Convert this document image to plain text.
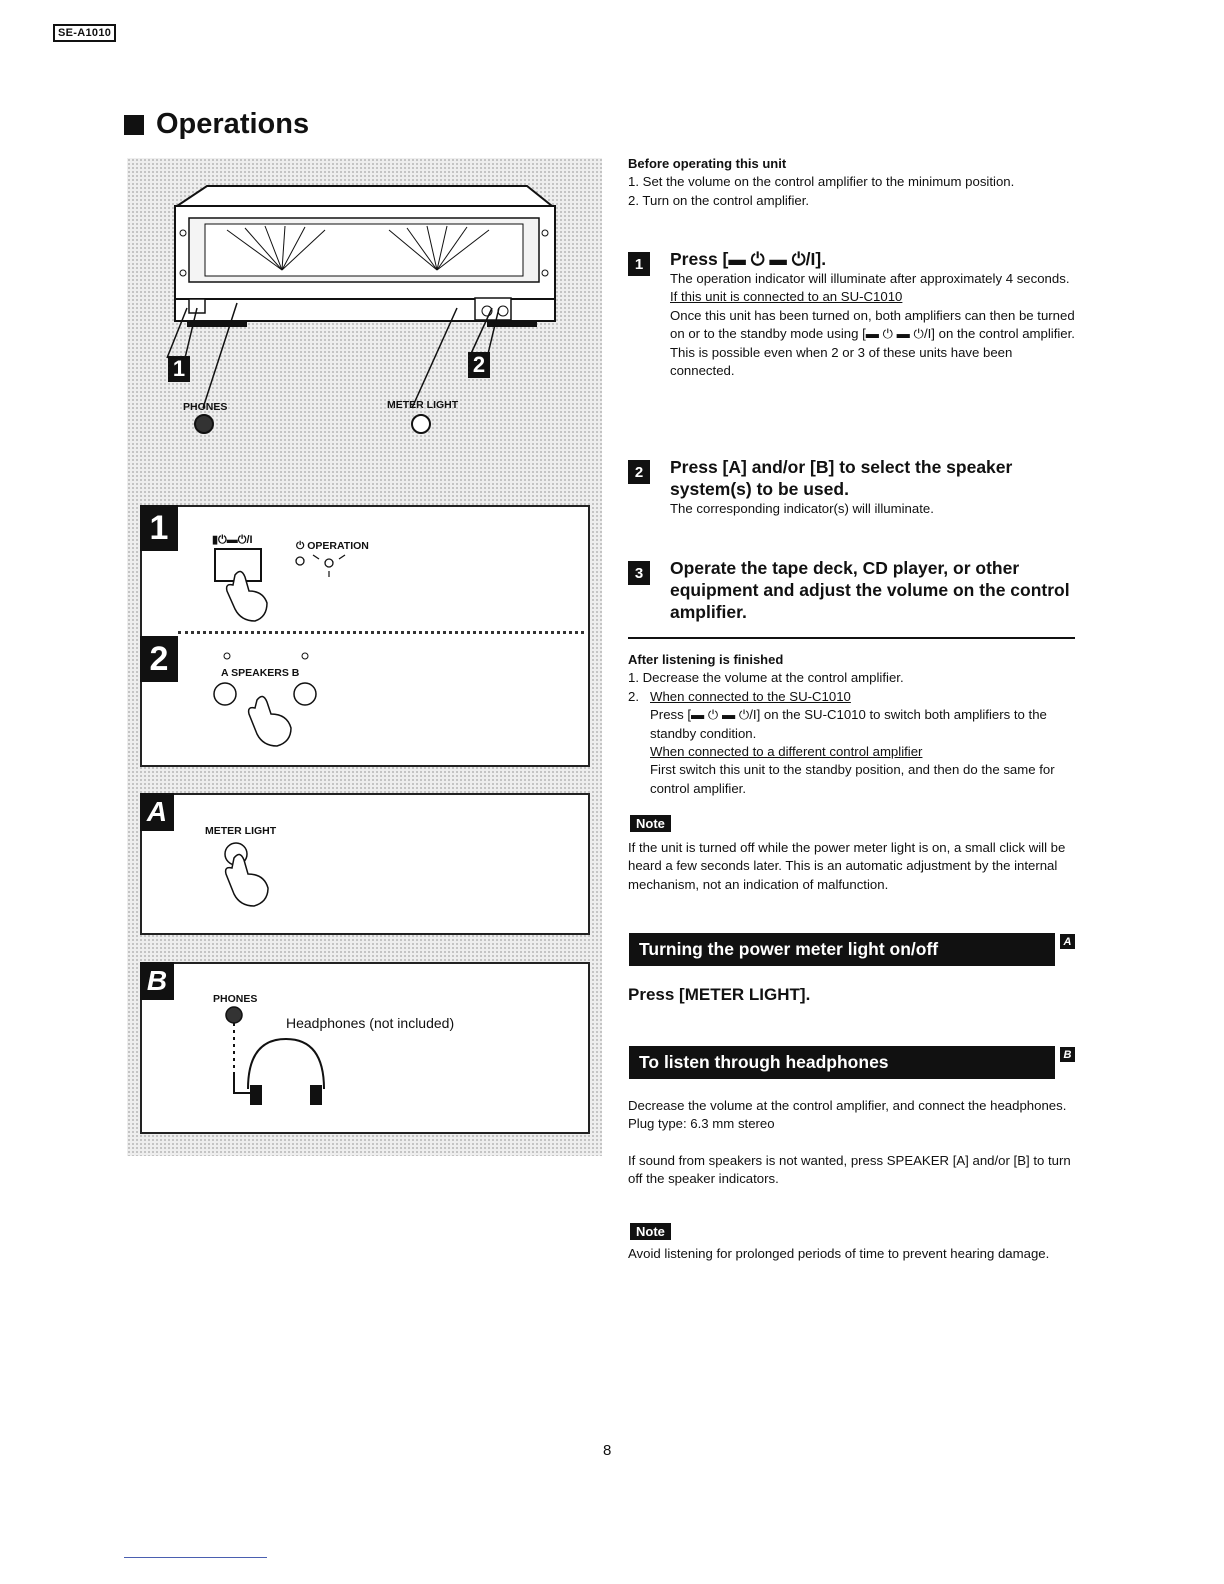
SE-A1010
Operations
1	2
PHONES	METER LIGHT
1	▮⏻▬⏻/I	⏻ OPERATION
2	A SPEAKERS B
A
METER LIGHT
B
PHONES
Headphones (not included)

Before operating this unit

1. Set the volume on the control amplifier to the minimum position.

2. Turn on the control amplifier.

1	Press [▬ ⏻ ▬ ⏻/I].

The operation indicator will illuminate after approximately 4 seconds.

If this unit is connected to an SU-C1010

Once this unit has been turned on, both amplifiers can then be turned on or to the standby mode using [▬ ⏻ ▬ ⏻/I] on the control amplifier.

This is possible even when 2 or 3 of these units have been connected.

2	Press [A] and/or [B] to select the speaker system(s) to be used.

The corresponding indicator(s) will illuminate.

3	Operate the tape deck, CD player, or other equipment and adjust the volume on the control amplifier.

After listening is finished

1. Decrease the volume at the control amplifier.

2. When connected to the SU-C1010

Press [▬ ⏻ ▬ ⏻/I] on the SU-C1010 to switch both amplifiers to the standby condition.

When connected to a different control amplifier

First switch this unit to the standby position, and then do the same for control amplifier.

Note
If the unit is turned off while the power meter light is on, a small click will be heard a few seconds later. This is an automatic adjustment by the internal mechanism, not an indication of malfunction.
Turning the power meter light on/off	A
Press [METER LIGHT].
To listen through headphones	B

Decrease the volume at the control amplifier, and connect the headphones.

Plug type: 6.3 mm stereo

If sound from speakers is not wanted, press SPEAKER [A] and/or [B] to turn off the speaker indicators.

Note
Avoid listening for prolonged periods of time to prevent hearing damage.
8
